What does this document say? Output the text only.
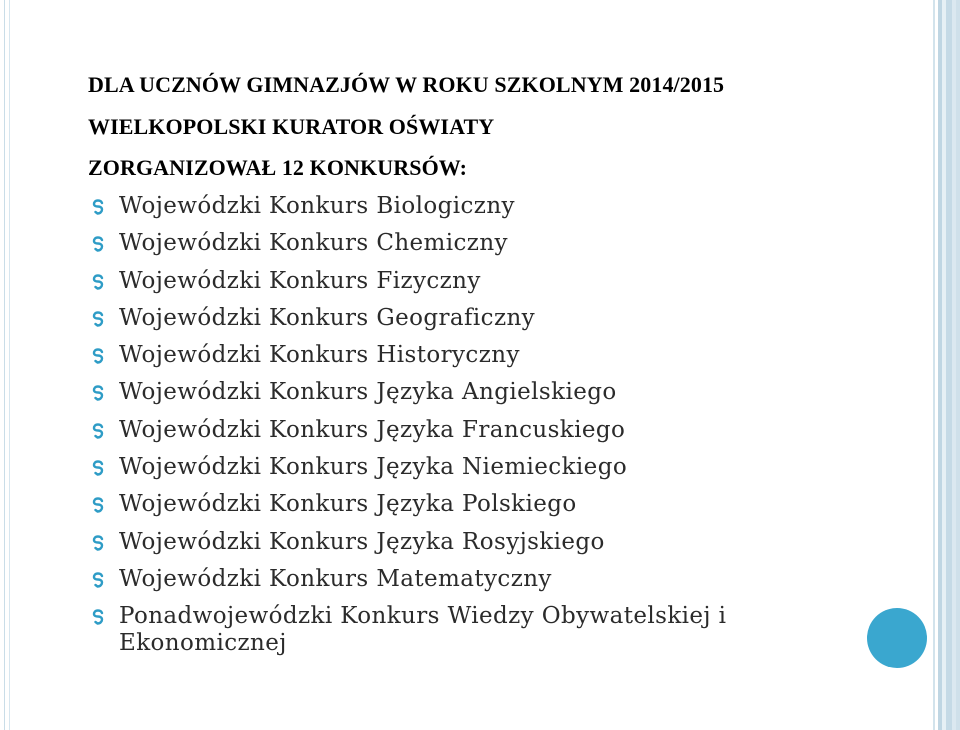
DLA UCZNÓW GIMNAZJÓW W ROKU SZKOLNYM 2014/2015
WIELKOPOLSKI KURATOR OŚWIATY
ZORGANIZOWAŁ 12 KONKURSÓW:
Wojewódzki Konkurs Biologiczny
Wojewódzki Konkurs Chemiczny
Wojewódzki Konkurs Fizyczny
Wojewódzki Konkurs Geograficzny
Wojewódzki Konkurs Historyczny
Wojewódzki Konkurs Języka Angielskiego
Wojewódzki Konkurs Języka Francuskiego
Wojewódzki Konkurs Języka Niemieckiego
Wojewódzki Konkurs Języka Polskiego
Wojewódzki Konkurs Języka Rosyjskiego
Wojewódzki Konkurs Matematyczny
Ponadwojewódzki Konkurs Wiedzy Obywatelskiej i Ekonomicznej
